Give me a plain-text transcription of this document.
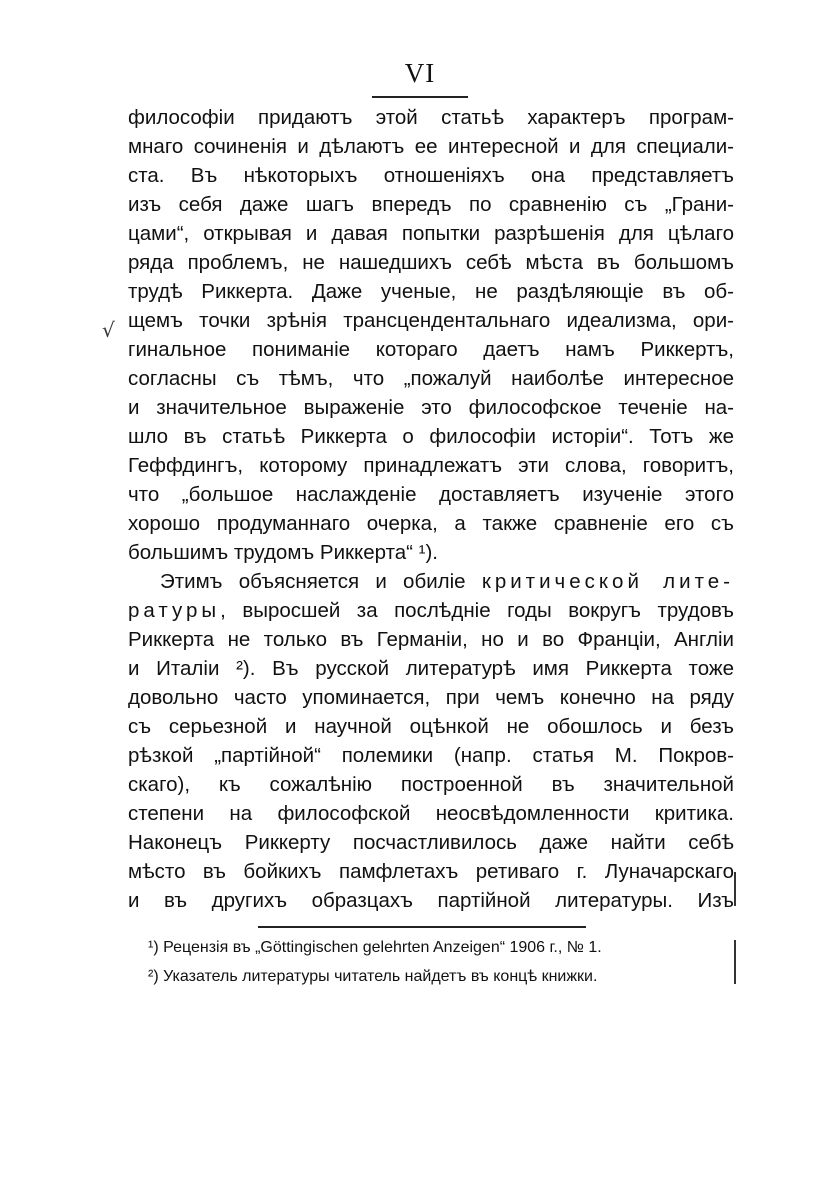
VI
√
философіи придаютъ этой статьѣ характеръ програм-
мнаго сочиненія и дѣлаютъ ее интересной и для специали-
ста. Въ нѣкоторыхъ отношеніяхъ она представляетъ
изъ себя даже шагъ впередъ по сравненію съ „Грани-
цами“, открывая и давая попытки разрѣшенія для цѣлаго
ряда проблемъ, не нашедшихъ себѣ мѣста въ большомъ
трудѣ Риккерта. Даже ученые, не раздѣляющіе въ об-
щемъ точки зрѣнія трансцендентальнаго идеализма, ори-
гинальное пониманіе котораго даетъ намъ Риккертъ,
согласны съ тѣмъ, что „пожалуй наиболѣе интересное
и значительное выраженіе это философское теченіе на-
шло въ статьѣ Риккерта о философіи исторіи“. Тотъ же
Геффдингъ, которому принадлежатъ эти слова, говоритъ,
что „большое наслажденіе доставляетъ изученіе этого
хорошо продуманнаго очерка, а также сравненіе его съ
большимъ трудомъ Риккерта“ ¹).
Этимъ объясняется и обиліе критической лите-
ратуры, выросшей за послѣдніе годы вокругъ трудовъ
Риккерта не только въ Германіи, но и во Франціи, Англіи
и Италіи ²). Въ русской литературѣ имя Риккерта тоже
довольно часто упоминается, при чемъ конечно на ряду
съ серьезной и научной оцѣнкой не обошлось и безъ
рѣзкой „партійной“ полемики (напр. статья М. Покров-
скаго), къ сожалѣнію построенной въ значительной
степени на философской неосвѣдомленности критика.
Наконецъ Риккерту посчастливилось даже найти себѣ
мѣсто въ бойкихъ памфлетахъ ретиваго г. Луначарскаго
и въ другихъ образцахъ партійной литературы. Изъ
¹) Рецензія въ „Göttingischen gelehrten Anzeigen“ 1906 г., № 1.
²) Указатель литературы читатель найдетъ въ концѣ книжки.
